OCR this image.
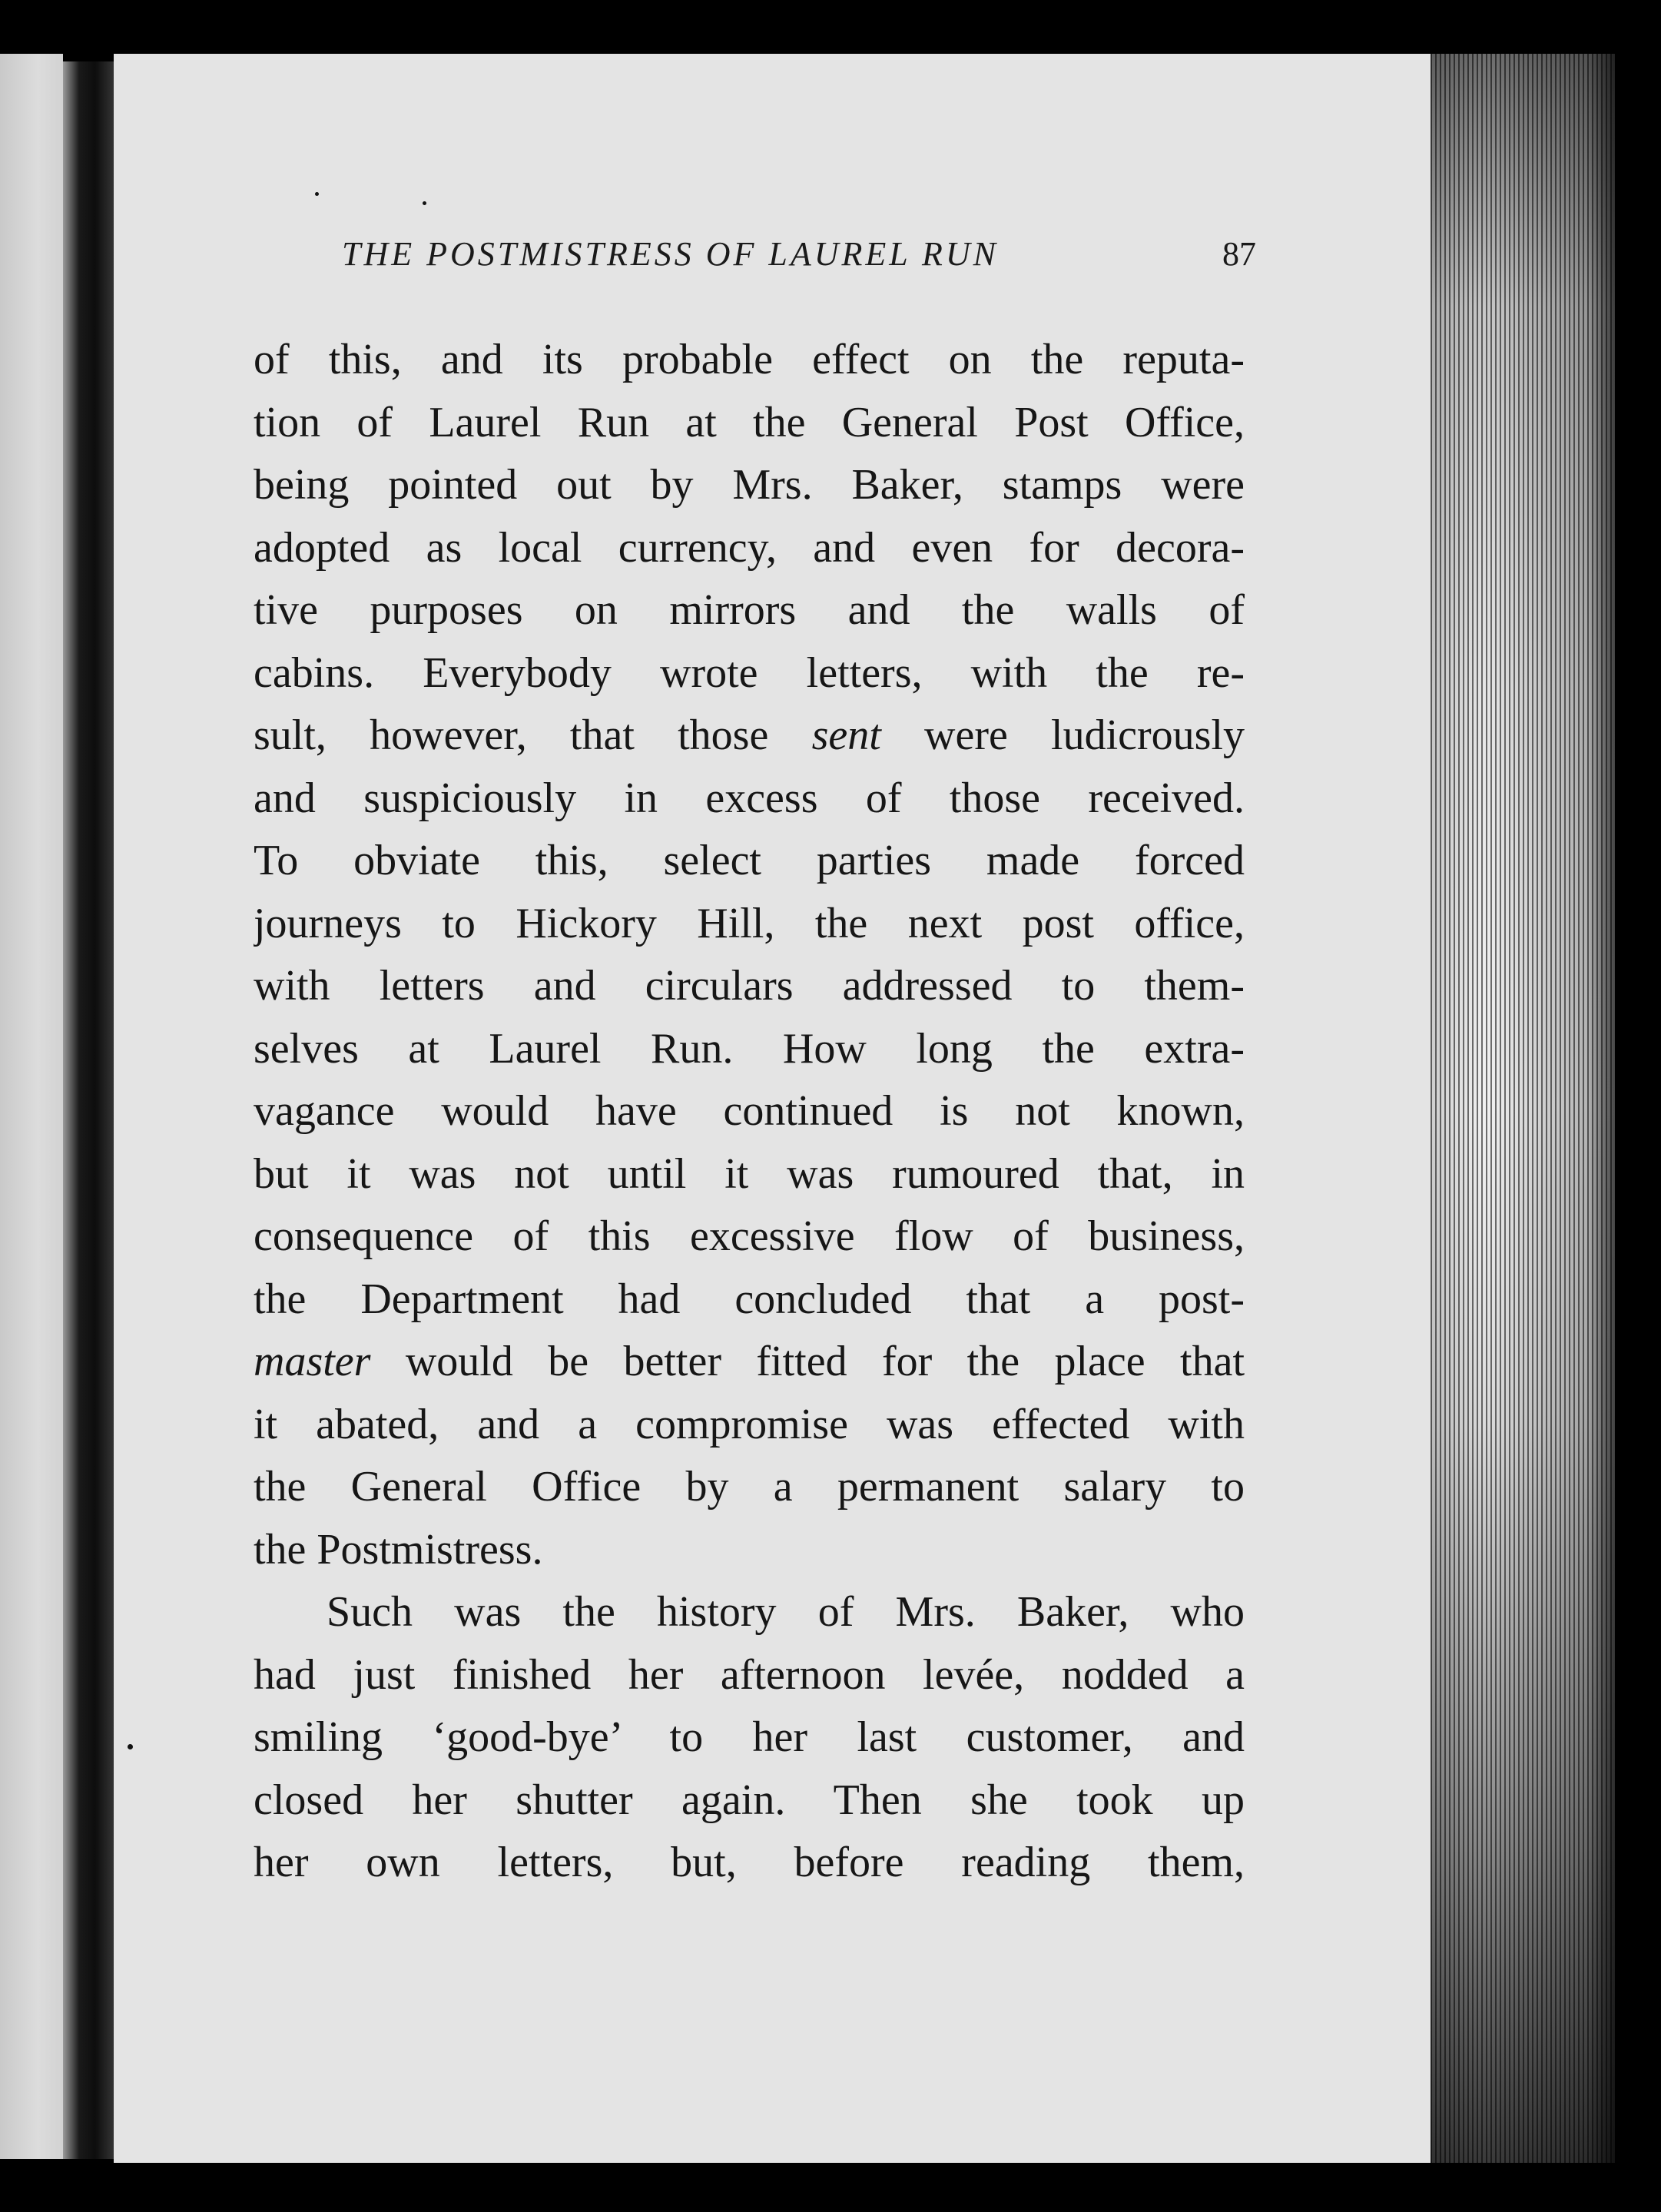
THE POSTMISTRESS OF LAUREL RUN	87
of this, and its probable effect on the reputa-
tion of Laurel Run at the General Post Office,
being pointed out by Mrs. Baker, stamps were
adopted as local currency, and even for decora-
tive purposes on mirrors and the walls of
cabins. Everybody wrote letters, with the re-
sult, however, that those sent were ludicrously
and suspiciously in excess of those received.
To obviate this, select parties made forced
journeys to Hickory Hill, the next post office,
with letters and circulars addressed to them-
selves at Laurel Run. How long the extra-
vagance would have continued is not known,
but it was not until it was rumoured that, in
consequence of this excessive flow of business,
the Department had concluded that a post-
master would be better fitted for the place that
it abated, and a compromise was effected with
the General Office by a permanent salary to
the Postmistress.
Such was the history of Mrs. Baker, who
had just finished her afternoon levée, nodded a
smiling ‘good-bye’ to her last customer, and
closed her shutter again. Then she took up
her own letters, but, before reading them,
